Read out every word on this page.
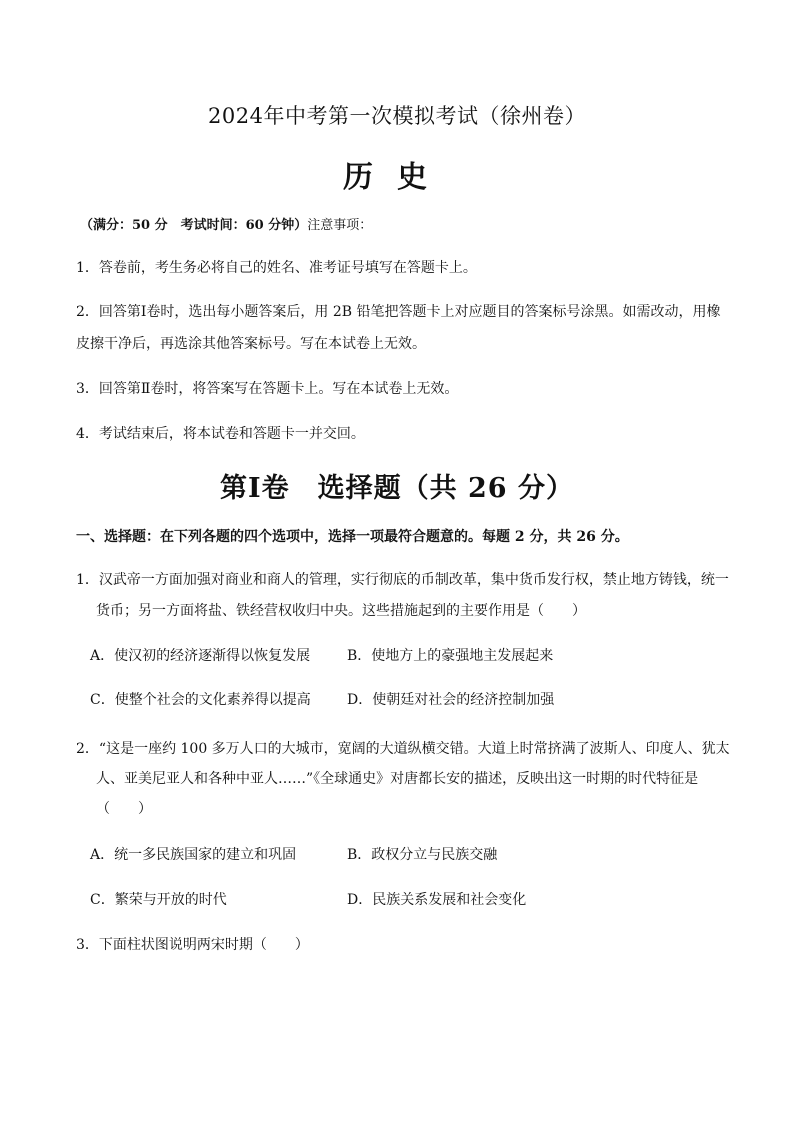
2024年中考第一次模拟考试（徐州卷）
历史
（满分：50 分　考试时间：60 分钟）注意事项：
1．答卷前，考生务必将自己的姓名、准考证号填写在答题卡上。
2．回答第Ⅰ卷时，选出每小题答案后，用 2B 铅笔把答题卡上对应题目的答案标号涂黑。如需改动，用橡
皮擦干净后，再选涂其他答案标号。写在本试卷上无效。
3．回答第Ⅱ卷时，将答案写在答题卡上。写在本试卷上无效。
4．考试结束后，将本试卷和答题卡一并交回。
第Ⅰ卷　选择题（共 26 分）
一、选择题：在下列各题的四个选项中，选择一项最符合题意的。每题 2 分，共 26 分。
1．汉武帝一方面加强对商业和商人的管理，实行彻底的币制改革，集中货币发行权，禁止地方铸钱，统一
货币；另一方面将盐、铁经营权收归中央。这些措施起到的主要作用是（　　）
A．使汉初的经济逐渐得以恢复发展	B．使地方上的豪强地主发展起来
C．使整个社会的文化素养得以提高	D．使朝廷对社会的经济控制加强
2．“这是一座约 100 多万人口的大城市，宽阔的大道纵横交错。大道上时常挤满了波斯人、印度人、犹太
人、亚美尼亚人和各种中亚人……”《全球通史》对唐都长安的描述，反映出这一时期的时代特征是
（　　）
A．统一多民族国家的建立和巩固	B．政权分立与民族交融
C．繁荣与开放的时代	D．民族关系发展和社会变化
3．下面柱状图说明两宋时期（　　）
